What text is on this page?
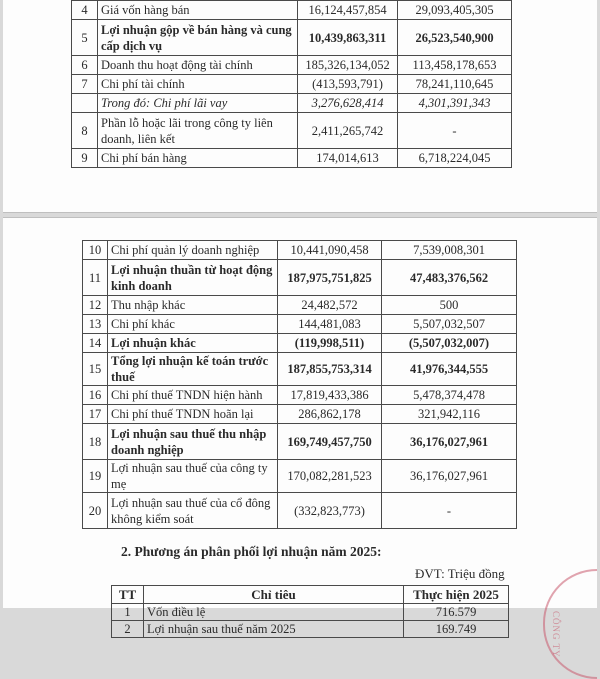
4	Giá vốn hàng bán	16,124,457,854	29,093,405,305
5	Lợi nhuận gộp về bán hàng và cung cấp dịch vụ	10,439,863,311	26,523,540,900
6	Doanh thu hoạt động tài chính	185,326,134,052	113,458,178,653
7	Chi phí tài chính	(413,593,791)	78,241,110,645
	Trong đó: Chi phí lãi vay	3,276,628,414	4,301,391,343
8	Phần lỗ hoặc lãi trong công ty liên doanh, liên kết	2,411,265,742	-
9	Chi phí bán hàng	174,014,613	6,718,224,045
10	Chi phí quản lý doanh nghiệp	10,441,090,458	7,539,008,301
11	Lợi nhuận thuần từ hoạt động kinh doanh	187,975,751,825	47,483,376,562
12	Thu nhập khác	24,482,572	500
13	Chi phí khác	144,481,083	5,507,032,507
14	Lợi nhuận khác	(119,998,511)	(5,507,032,007)
15	Tổng lợi nhuận kế toán trước thuế	187,855,753,314	41,976,344,555
16	Chi phí thuế TNDN hiện hành	17,819,433,386	5,478,374,478
17	Chi phí thuế TNDN hoãn lại	286,862,178	321,942,116
18	Lợi nhuận sau thuế thu nhập doanh nghiệp	169,749,457,750	36,176,027,961
19	Lợi nhuận sau thuế của công ty mẹ	170,082,281,523	36,176,027,961
20	Lợi nhuận sau thuế của cổ đông không kiểm soát	(332,823,773)	-
2. Phương án phân phối lợi nhuận năm 2025:
ĐVT: Triệu đồng
TT	Chỉ tiêu	Thực hiện 2025
1	Vốn điều lệ	716.579
2	Lợi nhuận sau thuế năm 2025	169.749	CÔNG TY
